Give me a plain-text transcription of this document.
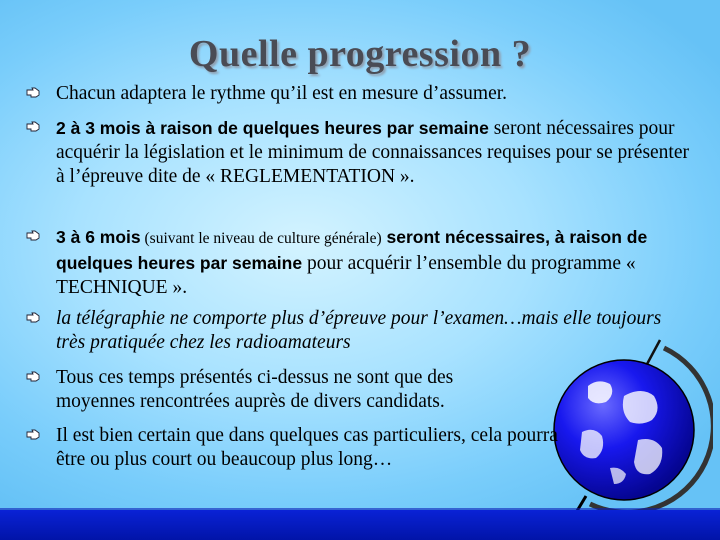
Quelle progression ?
Chacun adaptera le rythme qu’il est en mesure d’assumer.
2 à 3 mois à raison de quelques heures par semaine seront nécessaires pour acquérir la législation et le minimum de connaissances requises pour se présenter à l’épreuve dite de « REGLEMENTATION ».
3 à 6 mois (suivant le niveau de culture générale) seront nécessaires, à raison de quelques heures par semaine pour acquérir l’ensemble du programme « TECHNIQUE ».
la télégraphie ne comporte plus d’épreuve pour l’examen…mais elle toujours très pratiquée chez les radioamateurs
Tous ces temps présentés ci-dessus ne sont que des moyennes rencontrées auprès de divers candidats.
Il est bien certain que dans quelques cas particuliers, cela pourra être ou plus court ou beaucoup plus long…
